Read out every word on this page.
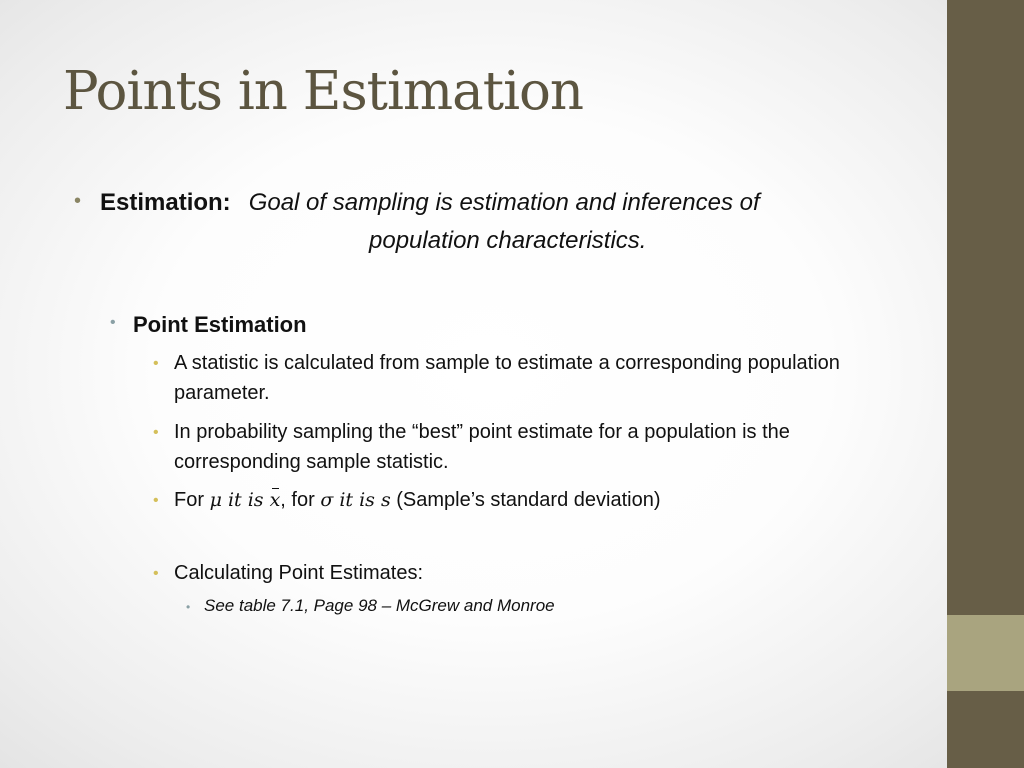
Points in Estimation
• Estimation: Goal of sampling is estimation and inferences of
population characteristics.
• Point Estimation
• A statistic is calculated from sample to estimate a corresponding population parameter.
• In probability sampling the “best” point estimate for a population is the corresponding sample statistic.
• For μ it is x, for σ it is s (Sample’s standard deviation)
• Calculating Point Estimates:
• See table 7.1, Page 98 – McGrew and Monroe
